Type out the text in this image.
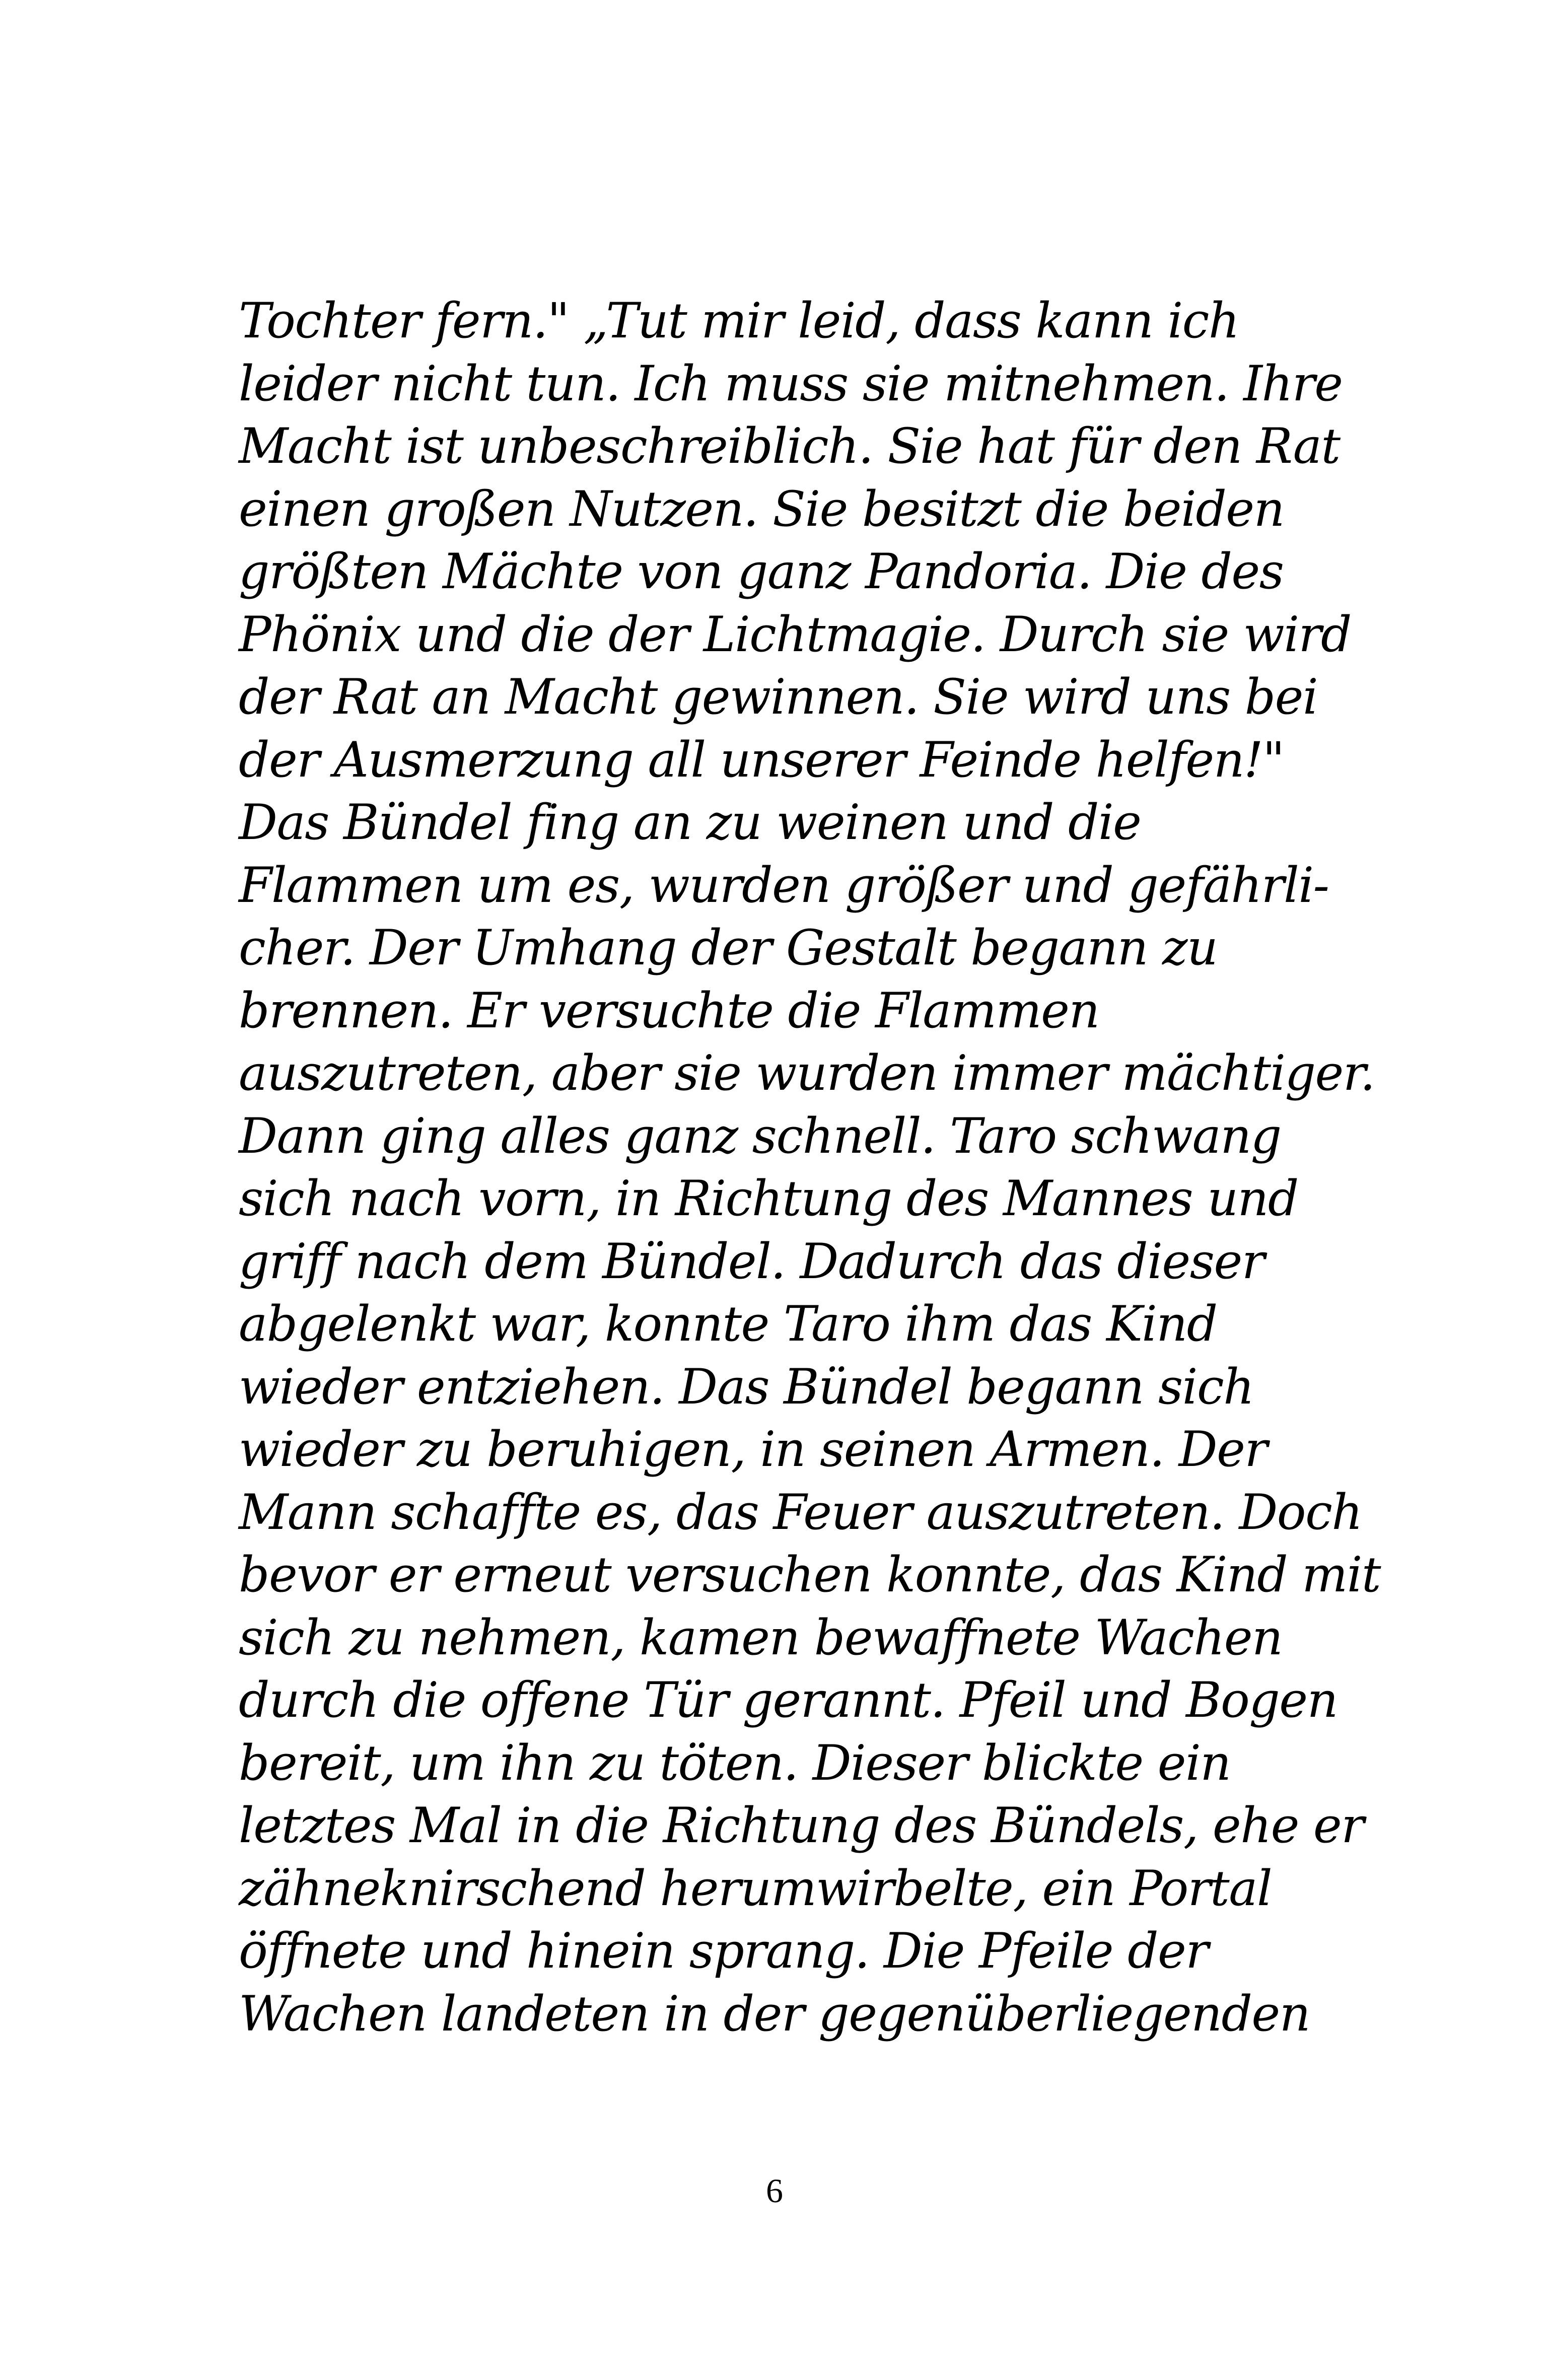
Tochter fern." „Tut mir leid, dass kann ich
leider nicht tun. Ich muss sie mitnehmen. Ihre
Macht ist unbeschreiblich. Sie hat für den Rat
einen großen Nutzen. Sie besitzt die beiden
größten Mächte von ganz Pandoria. Die des
Phönix und die der Lichtmagie. Durch sie wird
der Rat an Macht gewinnen. Sie wird uns bei
der Ausmerzung all unserer Feinde helfen!"
Das Bündel fing an zu weinen und die
Flammen um es, wurden größer und gefährli-
cher. Der Umhang der Gestalt begann zu
brennen. Er versuchte die Flammen
auszutreten, aber sie wurden immer mächtiger.
Dann ging alles ganz schnell. Taro schwang
sich nach vorn, in Richtung des Mannes und
griff nach dem Bündel. Dadurch das dieser
abgelenkt war, konnte Taro ihm das Kind
wieder entziehen. Das Bündel begann sich
wieder zu beruhigen, in seinen Armen. Der
Mann schaffte es, das Feuer auszutreten. Doch
bevor er erneut versuchen konnte, das Kind mit
sich zu nehmen, kamen bewaffnete Wachen
durch die offene Tür gerannt. Pfeil und Bogen
bereit, um ihn zu töten. Dieser blickte ein
letztes Mal in die Richtung des Bündels, ehe er
zähneknirschend herumwirbelte, ein Portal
öffnete und hinein sprang. Die Pfeile der
Wachen landeten in der gegenüberliegenden
6
